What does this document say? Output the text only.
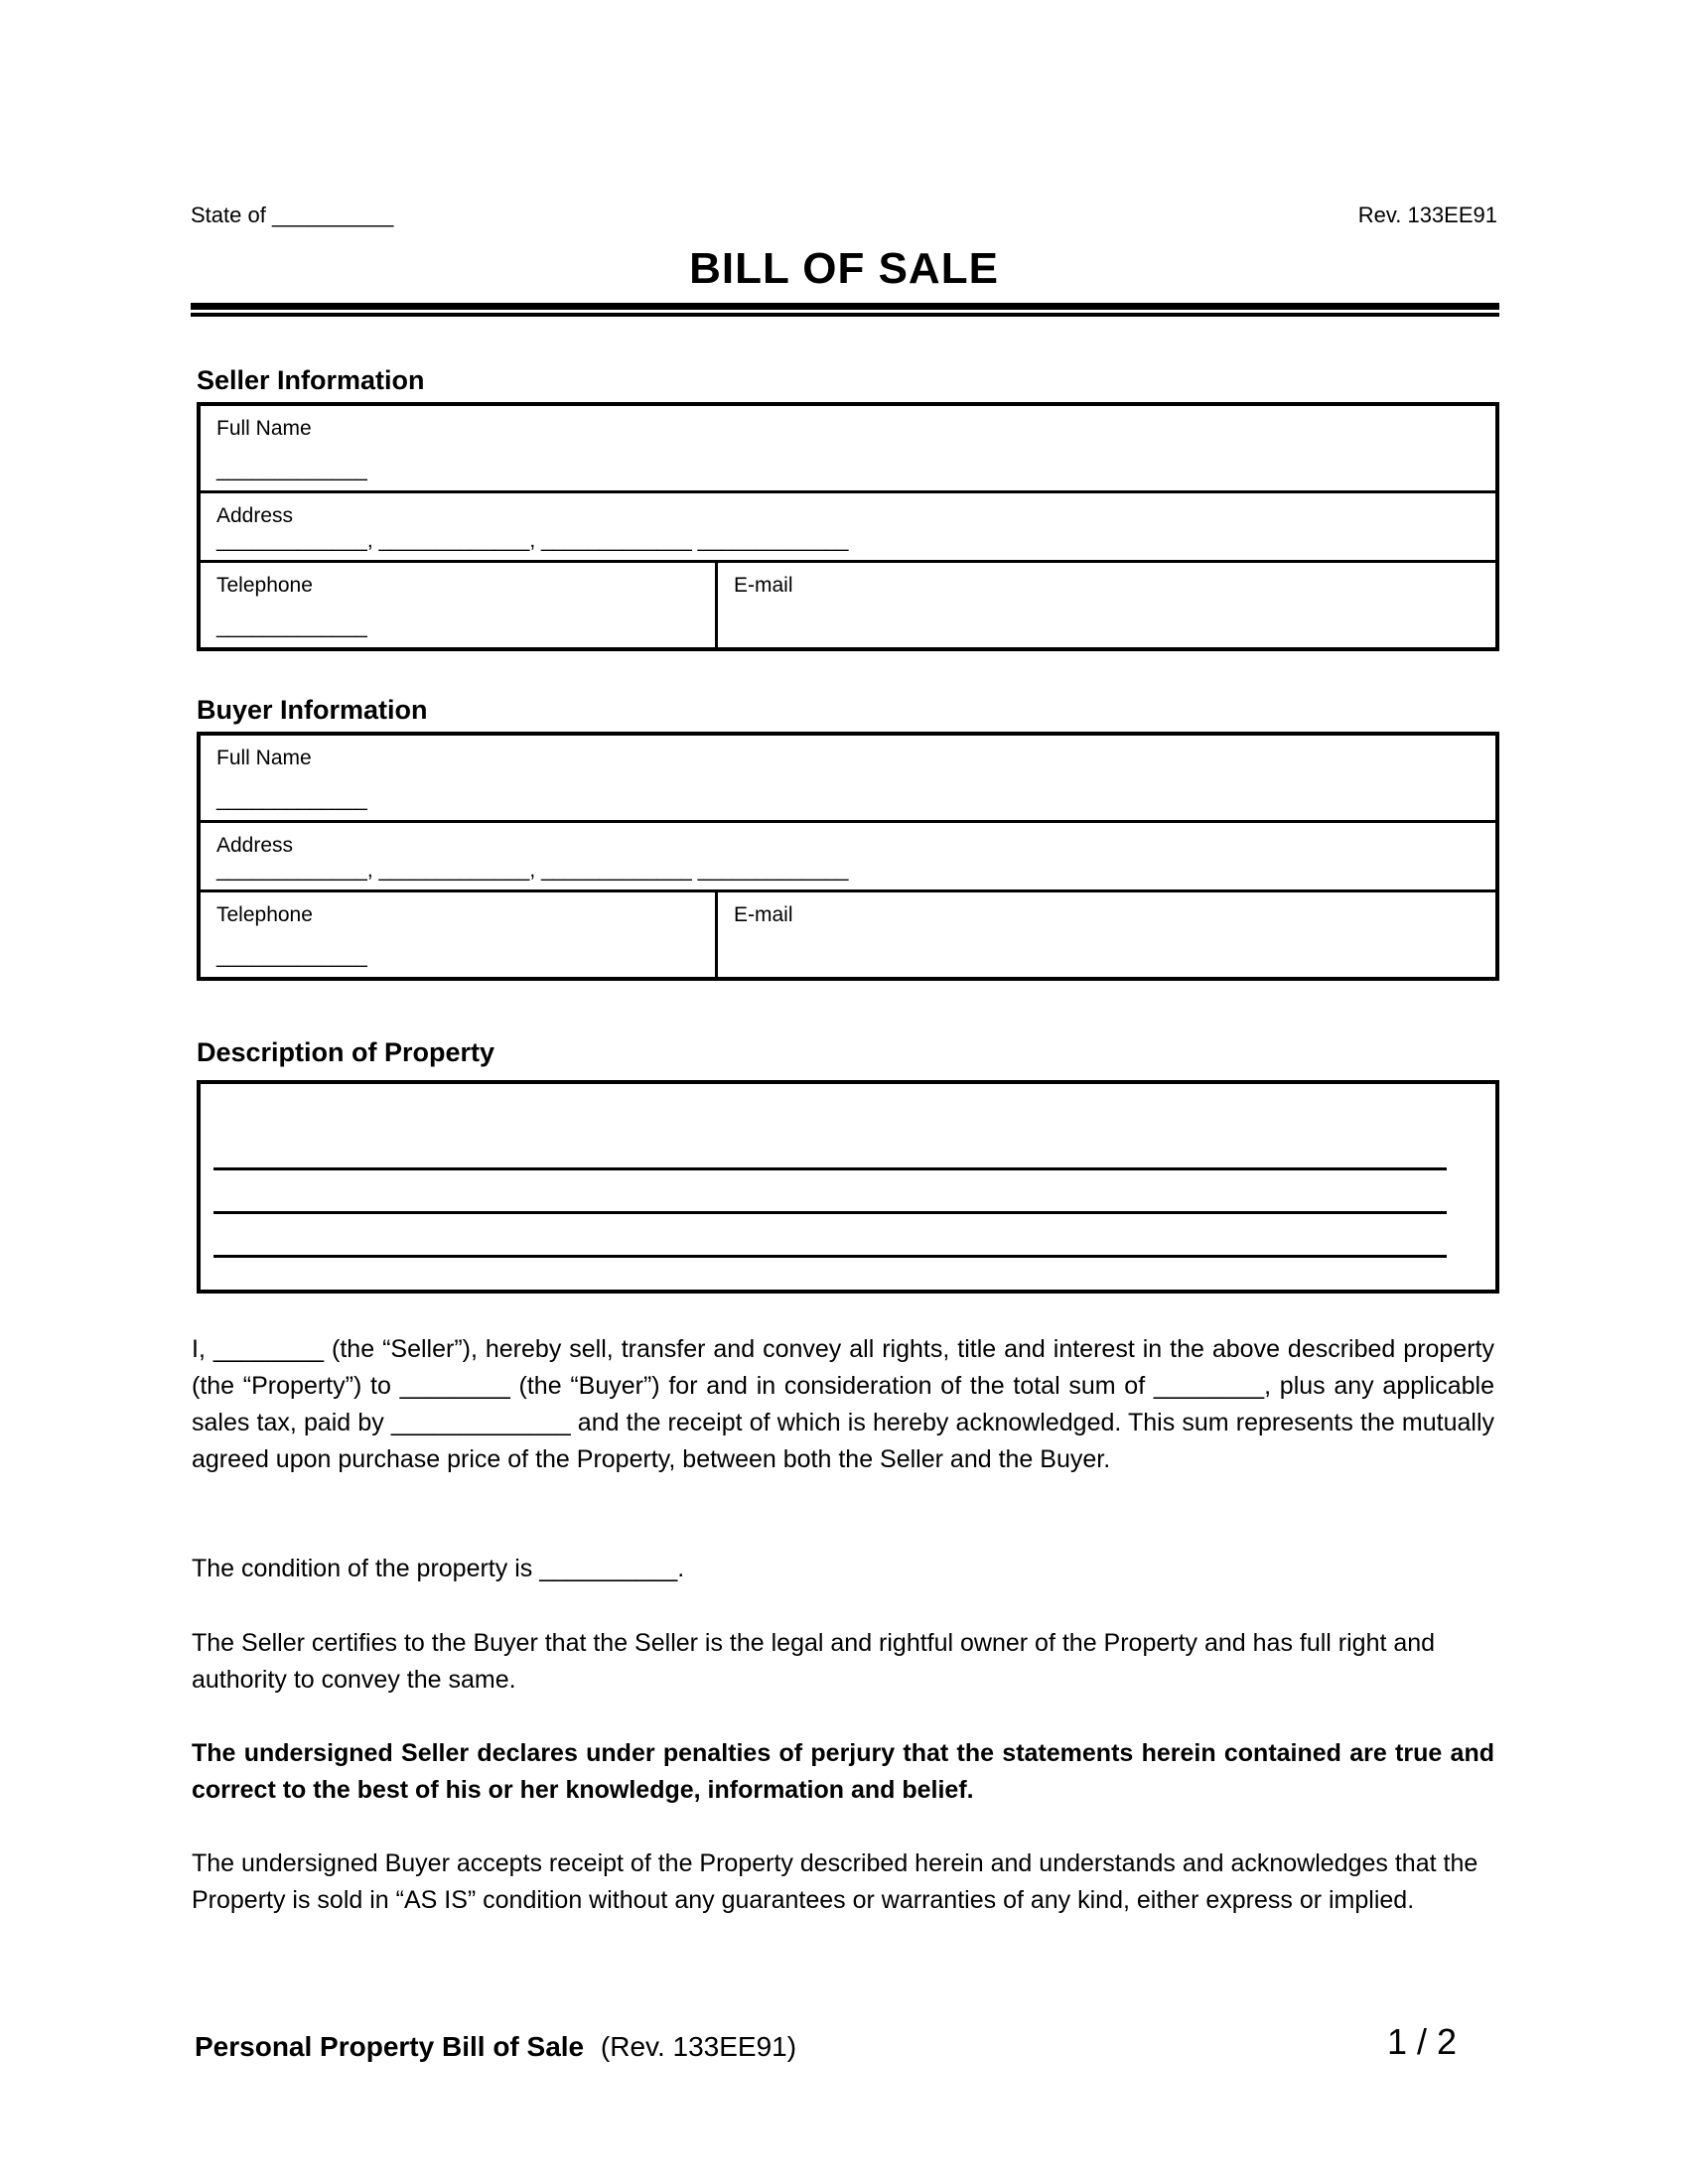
State of __________	Rev. 133EE91
BILL OF SALE
Seller Information
Full Name
_____________
Address
_____________, _____________, _____________ _____________
Telephone
_____________
E-mail
Buyer Information
Full Name
_____________
Address
_____________, _____________, _____________ _____________
Telephone
_____________
E-mail
Description of Property
I, ________ (the “Seller”), hereby sell, transfer and convey all rights, title and interest in the above described property (the “Property”) to ________ (the “Buyer”) for and in consideration of the total sum of ________, plus any applicable sales tax, paid by _____________ and the receipt of which is hereby acknowledged. This sum represents the mutually agreed upon purchase price of the Property, between both the Seller and the Buyer.
The condition of the property is __________.
The Seller certifies to the Buyer that the Seller is the legal and rightful owner of the Property and has full right and authority to convey the same.
The undersigned Seller declares under penalties of perjury that the statements herein contained are true and correct to the best of his or her knowledge, information and belief.
The undersigned Buyer accepts receipt of the Property described herein and understands and acknowledges that the Property is sold in “AS IS” condition without any guarantees or warranties of any kind, either express or implied.
Personal Property Bill of Sale (Rev. 133EE91)	1 / 2
